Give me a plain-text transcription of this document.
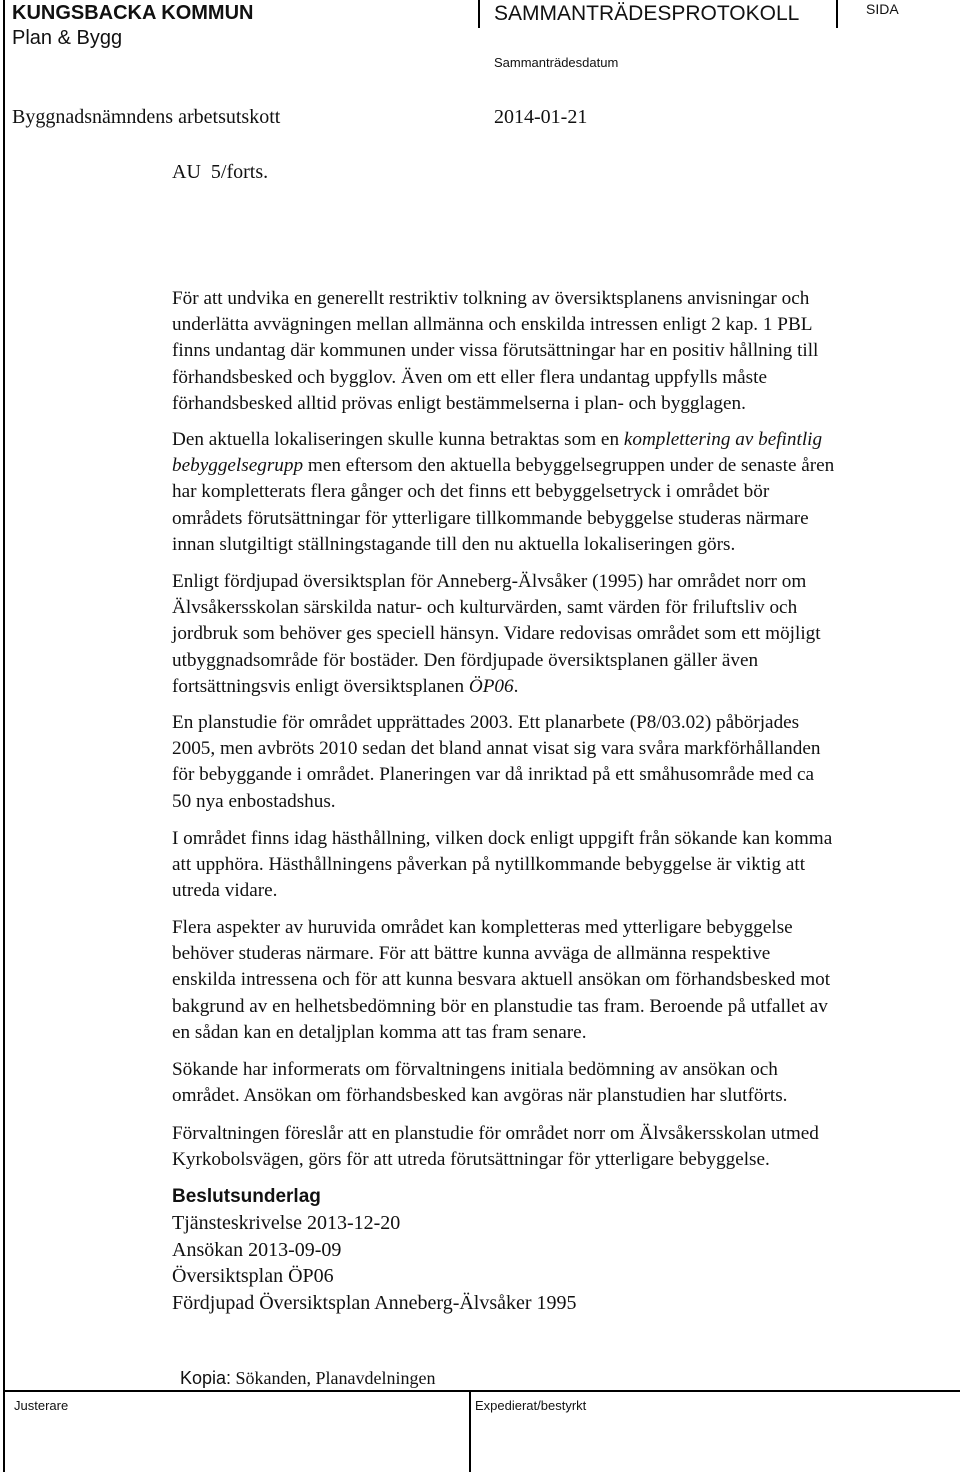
KUNGSBACKA KOMMUN
Plan & Bygg
SAMMANTRÄDESPROTOKOLL	SIDA
Sammanträdesdatum
Byggnadsnämndens arbetsutskott	2014-01-21
AU  5/forts.

För att undvika en generellt restriktiv tolkning av översiktsplanens anvisningar och

underlätta avvägningen mellan allmänna och enskilda intressen enligt 2 kap. 1 PBL

finns undantag där kommunen under vissa förutsättningar har en positiv hållning till

förhandsbesked och bygglov. Även om ett eller flera undantag uppfylls måste

förhandsbesked alltid prövas enligt bestämmelserna i plan- och bygglagen.

Den aktuella lokaliseringen skulle kunna betraktas som en komplettering av befintlig

bebyggelsegrupp men eftersom den aktuella bebyggelsegruppen under de senaste åren

har kompletterats flera gånger och det finns ett bebyggelsetryck i området bör

områdets förutsättningar för ytterligare tillkommande bebyggelse studeras närmare

innan slutgiltigt ställningstagande till den nu aktuella lokaliseringen görs.

Enligt fördjupad översiktsplan för Anneberg-Älvsåker (1995) har området norr om

Älvsåkersskolan särskilda natur- och kulturvärden, samt värden för friluftsliv och

jordbruk som behöver ges speciell hänsyn. Vidare redovisas området som ett möjligt

utbyggnadsområde för bostäder. Den fördjupade översiktsplanen gäller även

fortsättningsvis enligt översiktsplanen ÖP06.

En planstudie för området upprättades 2003. Ett planarbete (P8/03.02) påbörjades

2005, men avbröts 2010 sedan det bland annat visat sig vara svåra markförhållanden

för bebyggande i området. Planeringen var då inriktad på ett småhusområde med ca

50 nya enbostadshus.

I området finns idag hästhållning, vilken dock enligt uppgift från sökande kan komma

att upphöra. Hästhållningens påverkan på nytillkommande bebyggelse är viktig att

utreda vidare.

Flera aspekter av huruvida området kan kompletteras med ytterligare bebyggelse

behöver studeras närmare. För att bättre kunna avväga de allmänna respektive

enskilda intressena och för att kunna besvara aktuell ansökan om förhandsbesked mot

bakgrund av en helhetsbedömning bör en planstudie tas fram. Beroende på utfallet av

en sådan kan en detaljplan komma att tas fram senare.

Sökande har informerats om förvaltningens initiala bedömning av ansökan och

området. Ansökan om förhandsbesked kan avgöras när planstudien har slutförts.

Förvaltningen föreslår att en planstudie för området norr om Älvsåkersskolan utmed

Kyrkobolsvägen, görs för att utreda förutsättningar för ytterligare bebyggelse.

Beslutsunderlag

Tjänsteskrivelse 2013-12-20

Ansökan 2013-09-09

Översiktsplan ÖP06

Fördjupad Översiktsplan Anneberg-Älvsåker 1995

Kopia: Sökanden, Planavdelningen

Justerare	Expedierat/bestyrkt
